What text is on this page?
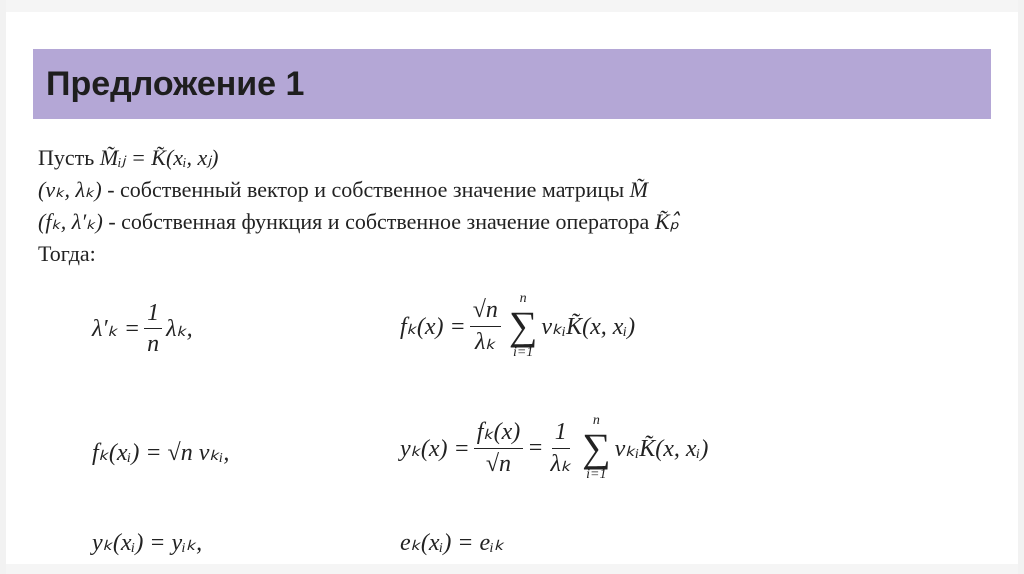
Предложение 1
Пусть M̃ᵢⱼ = K̃(xᵢ, xⱼ)
(vₖ, λₖ) - собственный вектор и собственное значение матрицы M̃
(fₖ, λ′ₖ) - собственная функция и собственное значение оператора K̃ₚ̂
Тогда:
$\lambda'_k = \frac{1}{n} \lambda_k$,	$f_k(x) = \frac{√n}{\text{λₖ}}$ n
∑
i=1
vₖᵢK̃(x, xᵢ)
fₖ(xᵢ) = √n vₖᵢ,	$y_k(x) = \frac{\text{fₖ(x)}}{√n} = \frac{1}{\text{λₖ}}$ n
∑
i=1
vₖᵢK̃(x, xᵢ)
yₖ(xᵢ) = yᵢₖ,	eₖ(xᵢ) = eᵢₖ
